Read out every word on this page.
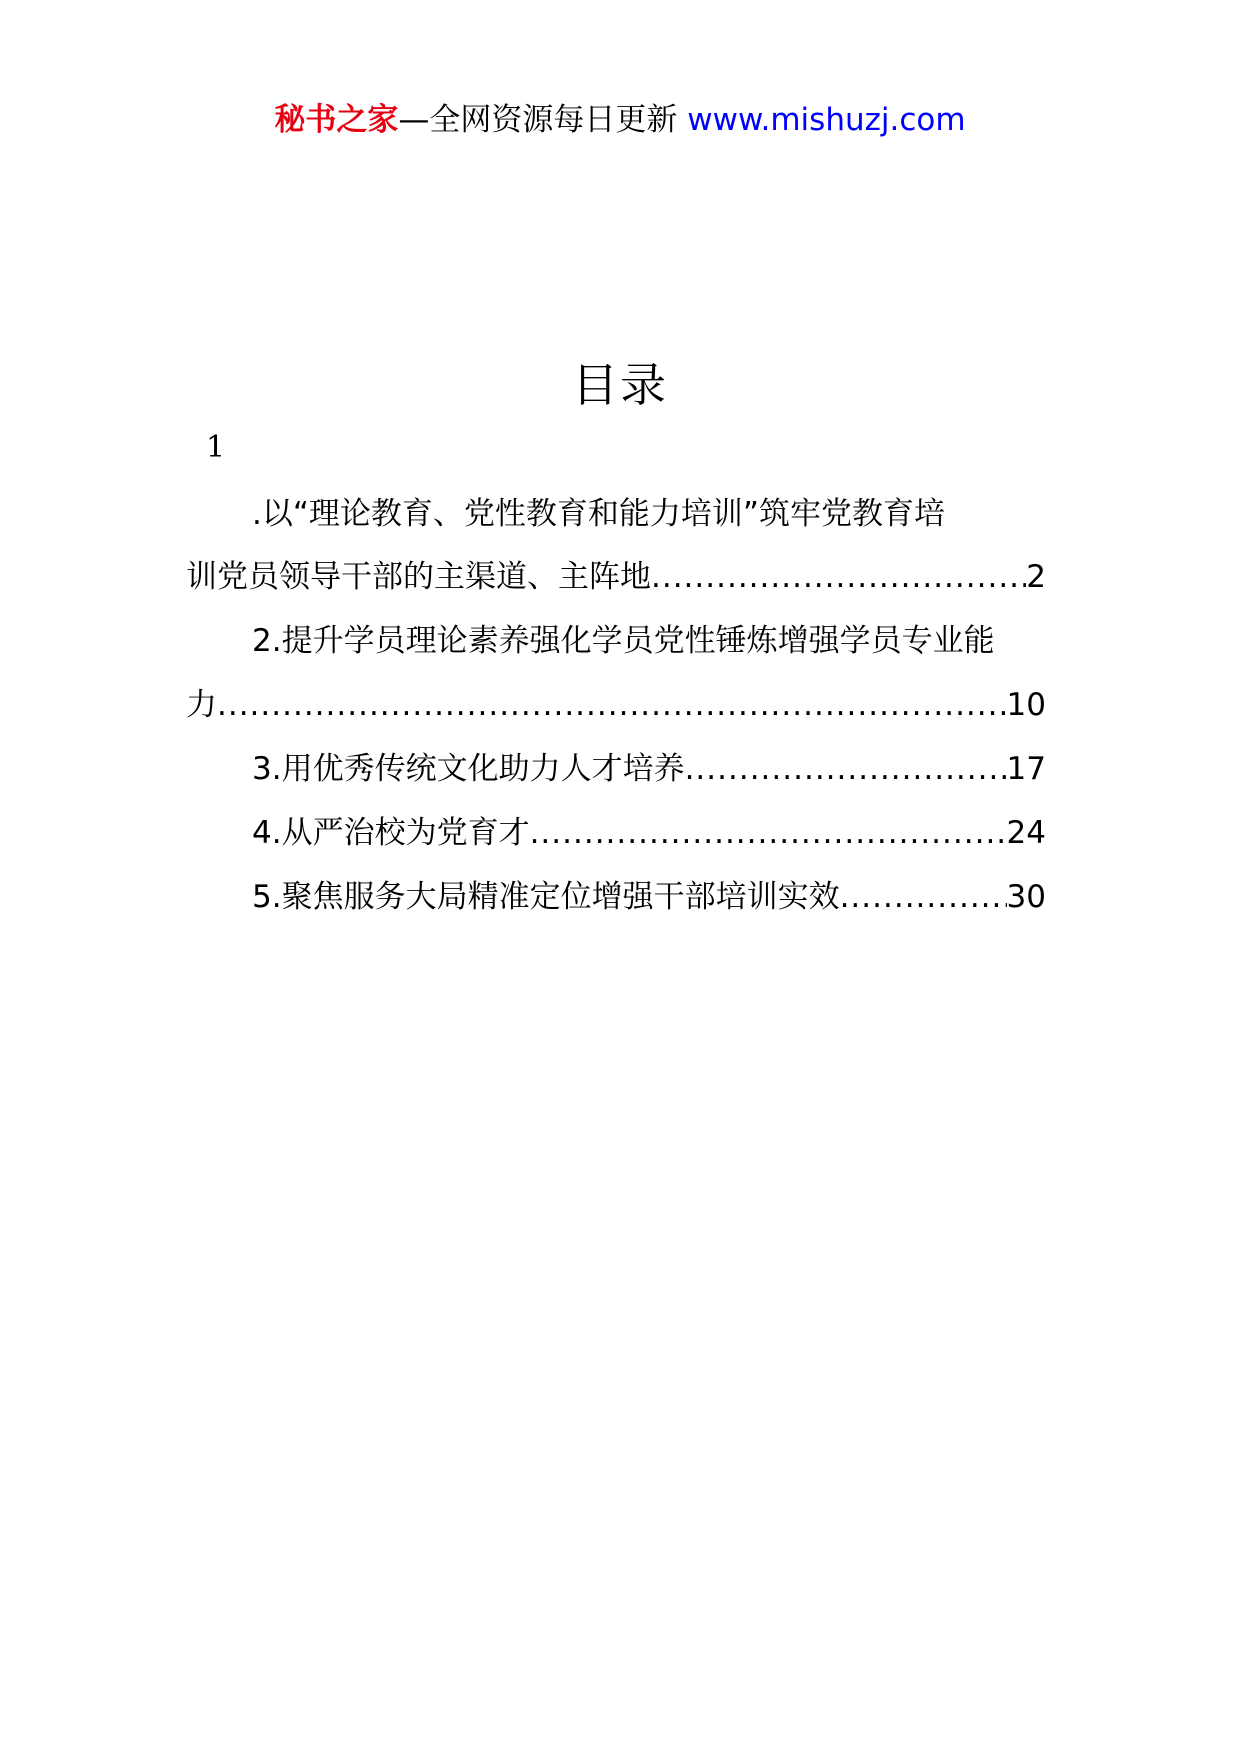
秘书之家—全网资源每日更新 www.mishuzj.com
目录
1
.以“理论教育、党性教育和能力培训”筑牢党教育培
训党员领导干部的主渠道、主阵地 .....	2
2.提升学员理论素养强化学员党性锤炼增强学员专业能
力 .....	10
3.用优秀传统文化助力人才培养 .....	17
4.从严治校为党育才 .....	24
5.聚焦服务大局精准定位增强干部培训实效 .....	30
